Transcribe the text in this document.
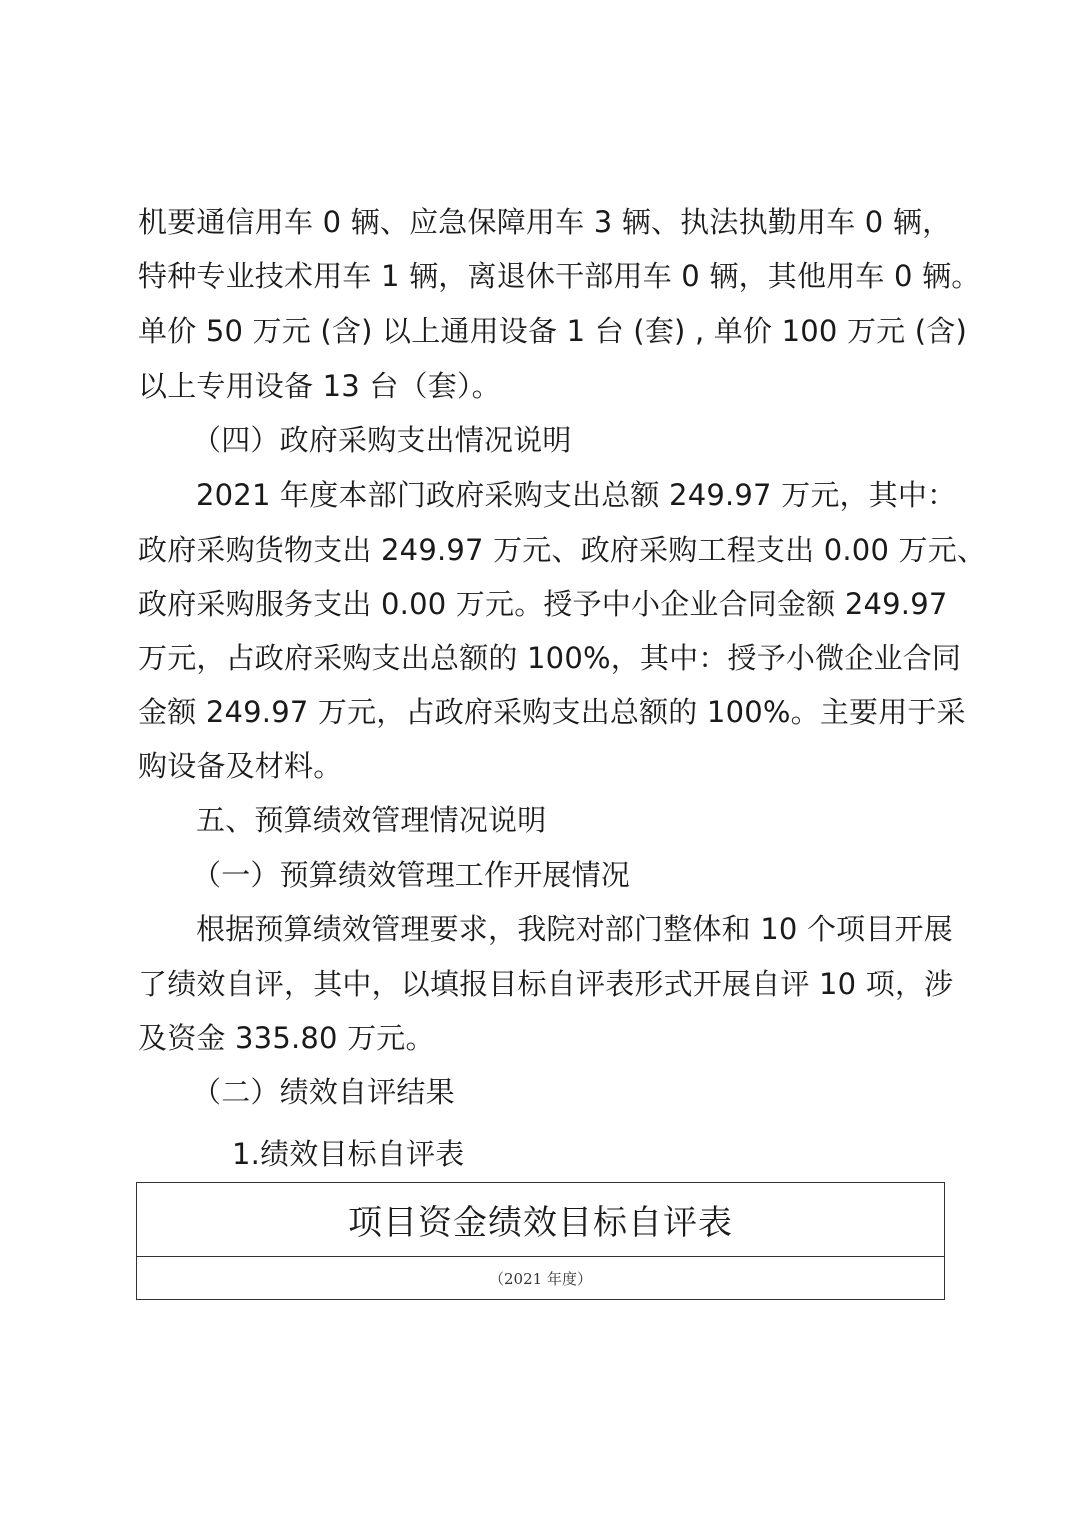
机要通信用车 0 辆、应急保障用车 3 辆、执法执勤用车 0 辆，
特种专业技术用车 1 辆，离退休干部用车 0 辆，其他用车 0 辆。
单价 50 万元 (含) 以上通用设备 1 台 (套) , 单价 100 万元 (含)
以上专用设备 13 台（套）。
（四）政府采购支出情况说明
2021 年度本部门政府采购支出总额 249.97 万元，其中：
政府采购货物支出 249.97 万元、政府采购工程支出 0.00 万元、
政府采购服务支出 0.00 万元。授予中小企业合同金额 249.97
万元，占政府采购支出总额的 100%，其中：授予小微企业合同
金额 249.97 万元，占政府采购支出总额的 100%。主要用于采
购设备及材料。
五、预算绩效管理情况说明
（一）预算绩效管理工作开展情况
根据预算绩效管理要求，我院对部门整体和 10 个项目开展
了绩效自评，其中，以填报目标自评表形式开展自评 10 项，涉
及资金 335.80 万元。
（二）绩效自评结果
1.绩效目标自评表
项目资金绩效目标自评表
（2021 年度）
